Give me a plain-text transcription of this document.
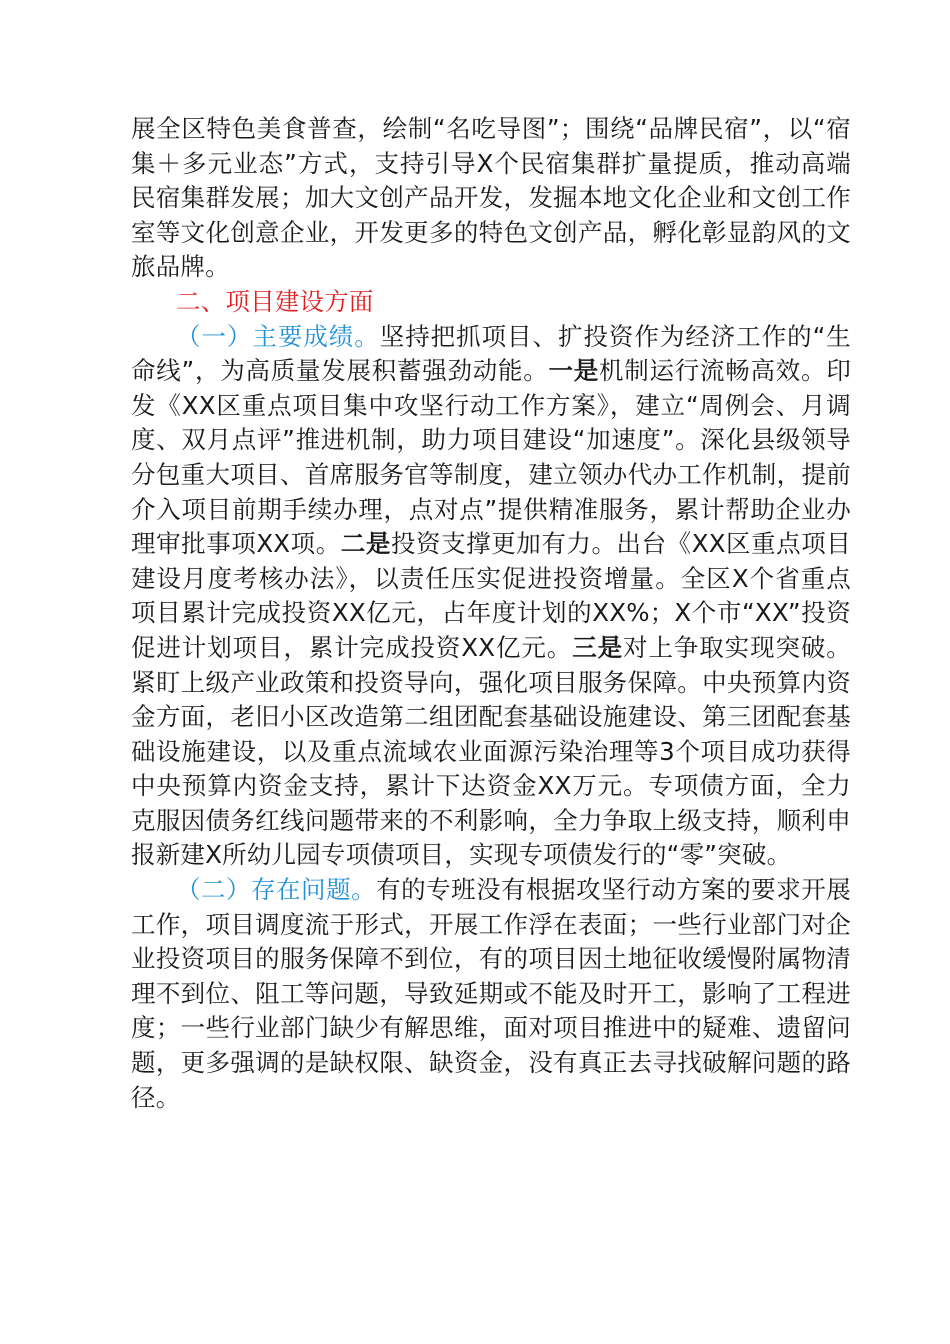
展全区特色美食普查，绘制“名吃导图”；围绕“品牌民宿”，以“宿集＋多元业态”方式，支持引导X个民宿集群扩量提质，推动高端民宿集群发展；加大文创产品开发，发掘本地文化企业和文创工作室等文化创意企业，开发更多的特色文创产品，孵化彰显韵风的文旅品牌。

二、项目建设方面

（一）主要成绩。坚持把抓项目、扩投资作为经济工作的“生命线”，为高质量发展积蓄强劲动能。一是机制运行流畅高效。印发《XX区重点项目集中攻坚行动工作方案》，建立“周例会、月调度、双月点评”推进机制，助力项目建设“加速度”。深化县级领导分包重大项目、首席服务官等制度，建立领办代办工作机制，提前介入项目前期手续办理，点对点”提供精准服务，累计帮助企业办理审批事项XX项。二是投资支撑更加有力。出台《XX区重点项目建设月度考核办法》，以责任压实促进投资增量。全区X个省重点项目累计完成投资XX亿元，占年度计划的XX%；X个市“XX”投资促进计划项目，累计完成投资XX亿元。三是对上争取实现突破。紧盯上级产业政策和投资导向，强化项目服务保障。中央预算内资金方面，老旧小区改造第二组团配套基础设施建设、第三团配套基础设施建设，以及重点流域农业面源污染治理等3个项目成功获得中央预算内资金支持，累计下达资金XX万元。专项债方面，全力克服因债务红线问题带来的不利影响，全力争取上级支持，顺利申报新建X所幼儿园专项债项目，实现专项债发行的“零”突破。

（二）存在问题。有的专班没有根据攻坚行动方案的要求开展工作，项目调度流于形式，开展工作浮在表面；一些行业部门对企业投资项目的服务保障不到位，有的项目因土地征收缓慢附属物清理不到位、阻工等问题，导致延期或不能及时开工，影响了工程进度；一些行业部门缺少有解思维，面对项目推进中的疑难、遗留问题，更多强调的是缺权限、缺资金，没有真正去寻找破解问题的路径。
